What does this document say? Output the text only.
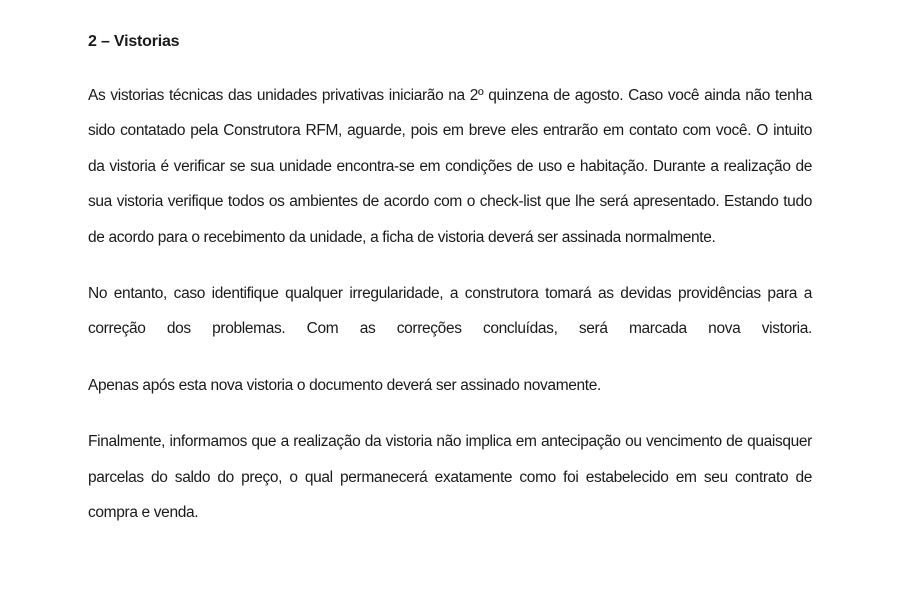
2 – Vistorias

As vistorias técnicas das unidades privativas iniciarão na 2º quinzena de agosto. Caso você ainda não tenha sido contatado pela Construtora RFM, aguarde, pois em breve eles entrarão em contato com você. O intuito da vistoria é verificar se sua unidade encontra-se em condições de uso e habitação. Durante a realização de sua vistoria verifique todos os ambientes de acordo com o check-list que lhe será apresentado. Estando tudo de acordo para o recebimento da unidade, a ficha de vistoria deverá ser assinada normalmente.

No entanto, caso identifique qualquer irregularidade, a construtora tomará as devidas providências para a correção dos problemas. Com as correções concluídas, será marcada nova vistoria.

Apenas após esta nova vistoria o documento deverá ser assinado novamente.

Finalmente, informamos que a realização da vistoria não implica em antecipação ou vencimento de quaisquer parcelas do saldo do preço, o qual permanecerá exatamente como foi estabelecido em seu contrato de compra e venda.
